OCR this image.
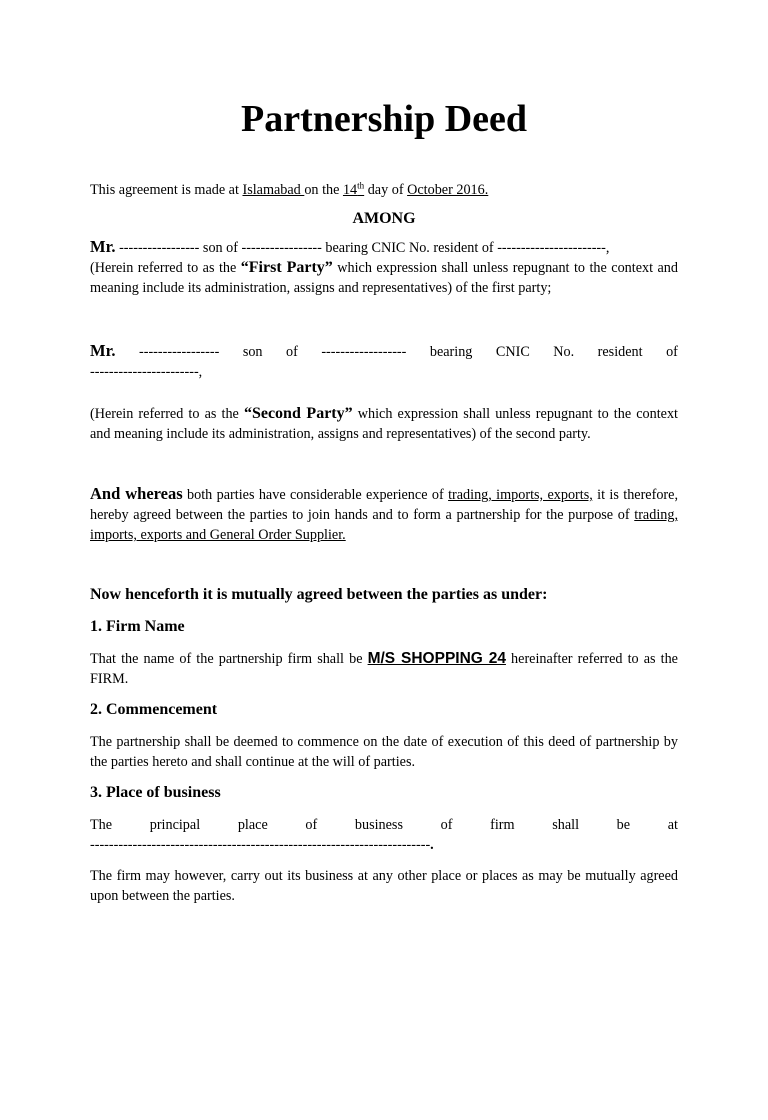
Partnership Deed

This agreement is made at Islamabad on the 14th day of October 2016.

AMONG

Mr. ----------------- son of ----------------- bearing CNIC No. resident of -----------------------,

(Herein referred to as the “First Party” which expression shall unless repugnant to the context and meaning include its administration, assigns and representatives) of the first party;

Mr. ----------------- son of ------------------ bearing CNIC No. resident of

-----------------------,

(Herein referred to as the “Second Party” which expression shall unless repugnant to the context and meaning include its administration, assigns and representatives) of the second party.

And whereas both parties have considerable experience of trading, imports, exports, it is therefore, hereby agreed between the parties to join hands and to form a partnership for the purpose of trading, imports, exports and General Order Supplier.

Now henceforth it is mutually agreed between the parties as under:
1. Firm Name

That the name of the partnership firm shall be M/S SHOPPING 24 hereinafter referred to as the FIRM.

2. Commencement

The partnership shall be deemed to commence on the date of execution of this deed of partnership by the parties hereto and shall continue at the will of parties.

3. Place of business

The	principal	place	of	business	of	firm	shall	be	at

------------------------------------------------------------------------.

The firm may however, carry out its business at any other place or places as may be mutually agreed upon between the parties.
